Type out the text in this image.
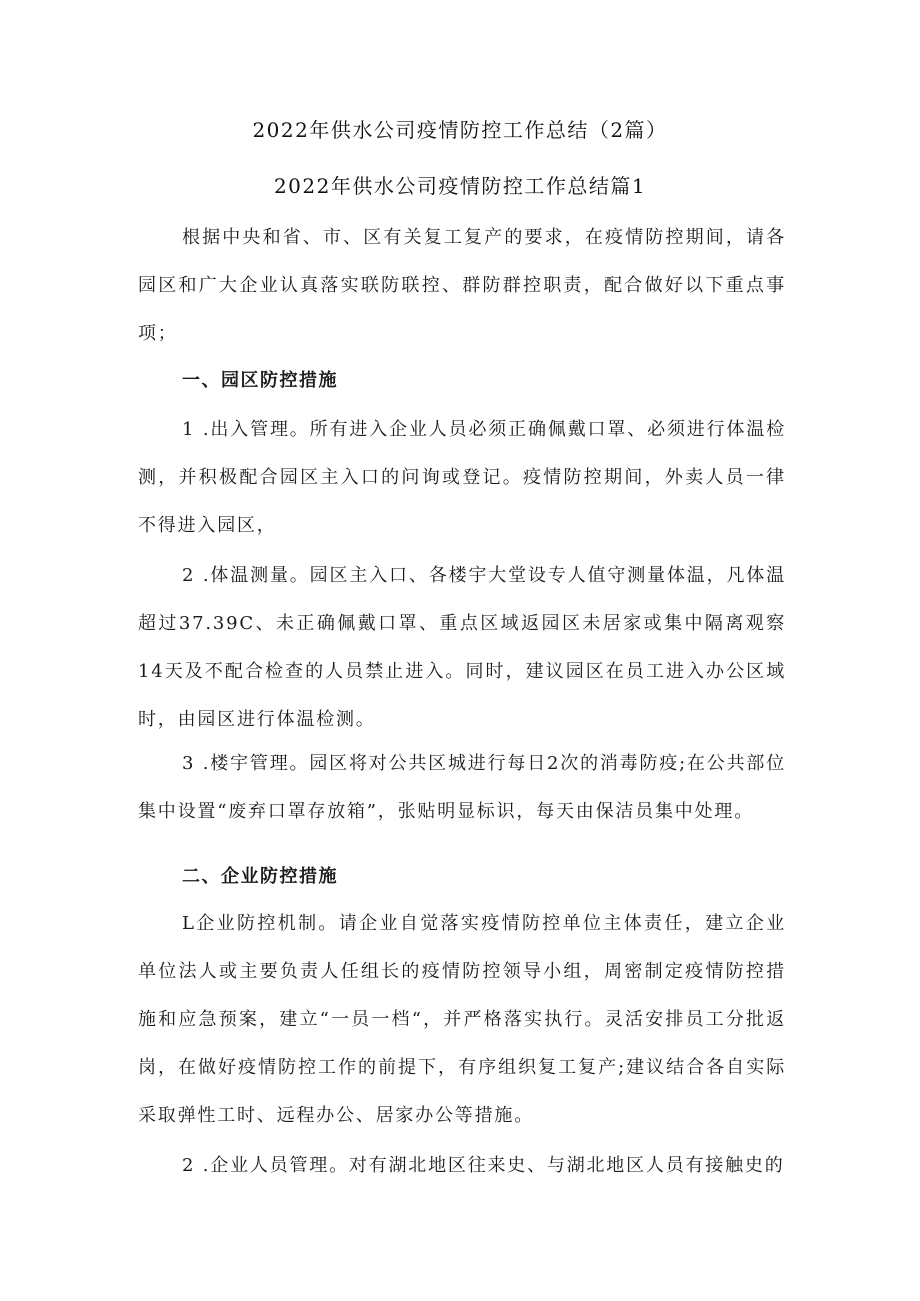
2022年供水公司疫情防控工作总结（2篇）
2022年供水公司疫情防控工作总结篇1

根据中央和省、市、区有关复工复产的要求，在疫情防控期间，请各园区和广大企业认真落实联防联控、群防群控职责，配合做好以下重点事项；

一、园区防控措施

1 .出入管理。所有进入企业人员必须正确佩戴口罩、必须进行体温检测，并积极配合园区主入口的问询或登记。疫情防控期间，外卖人员一律不得进入园区，

2 .体温测量。园区主入口、各楼宇大堂设专人值守测量体温，凡体温超过37.39C、未正确佩戴口罩、重点区域返园区未居家或集中隔离观察14天及不配合检查的人员禁止进入。同时，建议园区在员工进入办公区域时，由园区进行体温检测。

3 .楼宇管理。园区将对公共区城进行每日2次的消毒防疫;在公共部位集中设置“废弃口罩存放箱”，张贴明显标识，每天由保洁员集中处理。

二、企业防控措施

L企业防控机制。请企业自觉落实疫情防控单位主体责任，建立企业单位法人或主要负责人任组长的疫情防控领导小组，周密制定疫情防控措施和应急预案，建立“一员一档“，并严格落实执行。灵活安排员工分批返岗，在做好疫情防控工作的前提下，有序组织复工复产;建议结合各自实际采取弹性工时、远程办公、居家办公等措施。

2 .企业人员管理。对有湖北地区往来史、与湖北地区人员有接触史的
